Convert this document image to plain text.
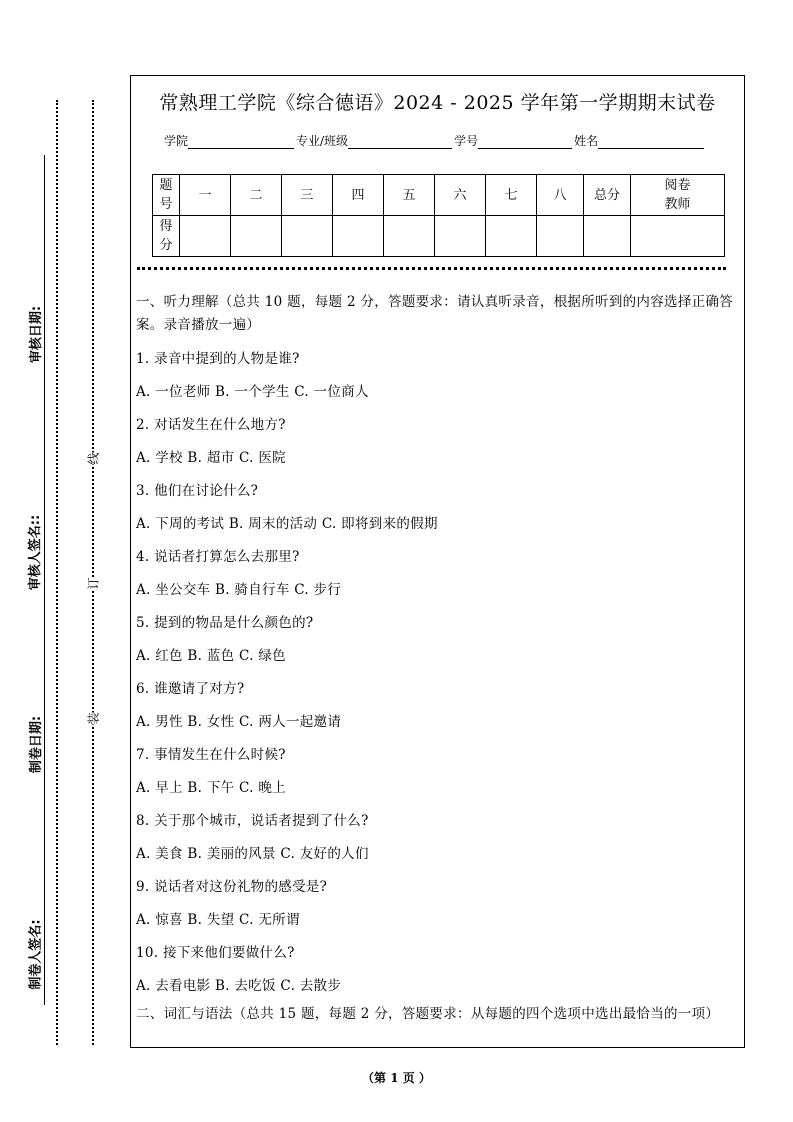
审核日期:
审核人签名::
制卷日期:
制卷人签名:
线
订
装
常熟理工学院《综合德语》2024 - 2025 学年第一学期期末试卷
学院	专业/班级	学号	姓名
题号	一	二	三	四	五	六	七	八	总分	阅卷教师
得分										
一、听力理解（总共 10 题，每题 2 分，答题要求：请认真听录音，根据所听到的内容选择正确答案。录音播放一遍）
1. 录音中提到的人物是谁?
A. 一位老师 B. 一个学生 C. 一位商人
2. 对话发生在什么地方?
A. 学校 B. 超市 C. 医院
3. 他们在讨论什么?
A. 下周的考试 B. 周末的活动 C. 即将到来的假期
4. 说话者打算怎么去那里?
A. 坐公交车 B. 骑自行车 C. 步行
5. 提到的物品是什么颜色的?
A. 红色 B. 蓝色 C. 绿色
6. 谁邀请了对方?
A. 男性 B. 女性 C. 两人一起邀请
7. 事情发生在什么时候?
A. 早上 B. 下午 C. 晚上
8. 关于那个城市，说话者提到了什么?
A. 美食 B. 美丽的风景 C. 友好的人们
9. 说话者对这份礼物的感受是?
A. 惊喜 B. 失望 C. 无所谓
10. 接下来他们要做什么?
A. 去看电影 B. 去吃饭 C. 去散步
二、词汇与语法（总共 15 题，每题 2 分，答题要求：从每题的四个选项中选出最恰当的一项）
（第 1 页 ）
